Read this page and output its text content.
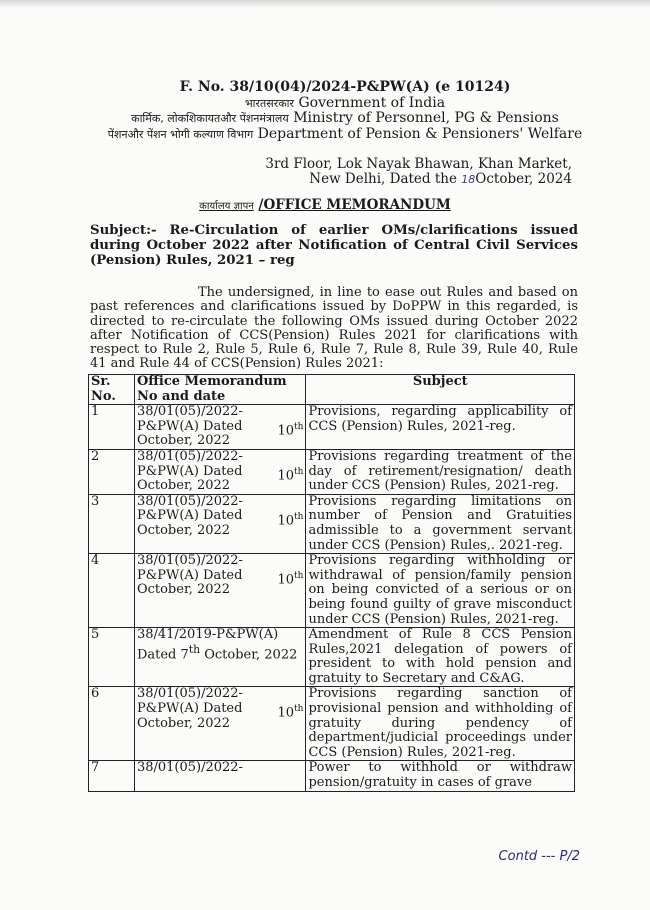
F. No. 38/10(04)/2024-P&PW(A) (e 10124)
भारतसरकार Government of India
कार्मिक, लोकशिकायतऔर पेंशनमंत्रालय Ministry of Personnel, PG & Pensions
पेंशनऔर पेंशन भोगी कल्याण विभाग Department of Pension & Pensioners' Welfare
3rd Floor, Lok Nayak Bhawan, Khan Market,
New Delhi, Dated the 18October, 2024
कार्यालय ज्ञापन /OFFICE MEMORANDUM
Subject:- Re-Circulation of earlier OMs/clarifications issued during October 2022 after Notification of Central Civil Services (Pension) Rules, 2021 – reg
The undersigned, in line to ease out Rules and based on past references and clarifications issued by DoPPW in this regarded, is directed to re-circulate the following OMs issued during October 2022 after Notification of CCS(Pension) Rules 2021 for clarifications with respect to Rule 2, Rule 5, Rule 6, Rule 7, Rule 8, Rule 39, Rule 40, Rule 41 and Rule 44 of CCS(Pension) Rules 2021:
Sr. No.	Office Memorandum No and date	Subject
1	38/01(05)/2022-
P&PW(A) Dated 10th
October, 2022	Provisions, regarding applicability of CCS (Pension) Rules, 2021-reg.
2	38/01(05)/2022-
P&PW(A) Dated 10th
October, 2022	Provisions regarding treatment of the day of retirement/resignation/ death under CCS (Pension) Rules, 2021-reg.
3	38/01(05)/2022-
P&PW(A) Dated 10th
October, 2022	Provisions regarding limitations on number of Pension and Gratuities admissible to a government servant under CCS (Pension) Rules,. 2021-reg.
4	38/01(05)/2022-
P&PW(A) Dated 10th
October, 2022	Provisions regarding withholding or withdrawal of pension/family pension on being convicted of a serious or on being found guilty of grave misconduct under CCS (Pension) Rules, 2021-reg.
5	38/41/2019-P&PW(A)
Dated 7th October, 2022	Amendment of Rule 8 CCS Pension Rules,2021 delegation of powers of president to with hold pension and gratuity to Secretary and C&AG.
6	38/01(05)/2022-
P&PW(A) Dated 10th
October, 2022	Provisions regarding sanction of provisional pension and withholding of gratuity during pendency of department/judicial proceedings under CCS (Pension) Rules, 2021-reg.
7	38/01(05)/2022-	Power to withhold or withdraw pension/gratuity in cases of grave
Contd --- P/2
